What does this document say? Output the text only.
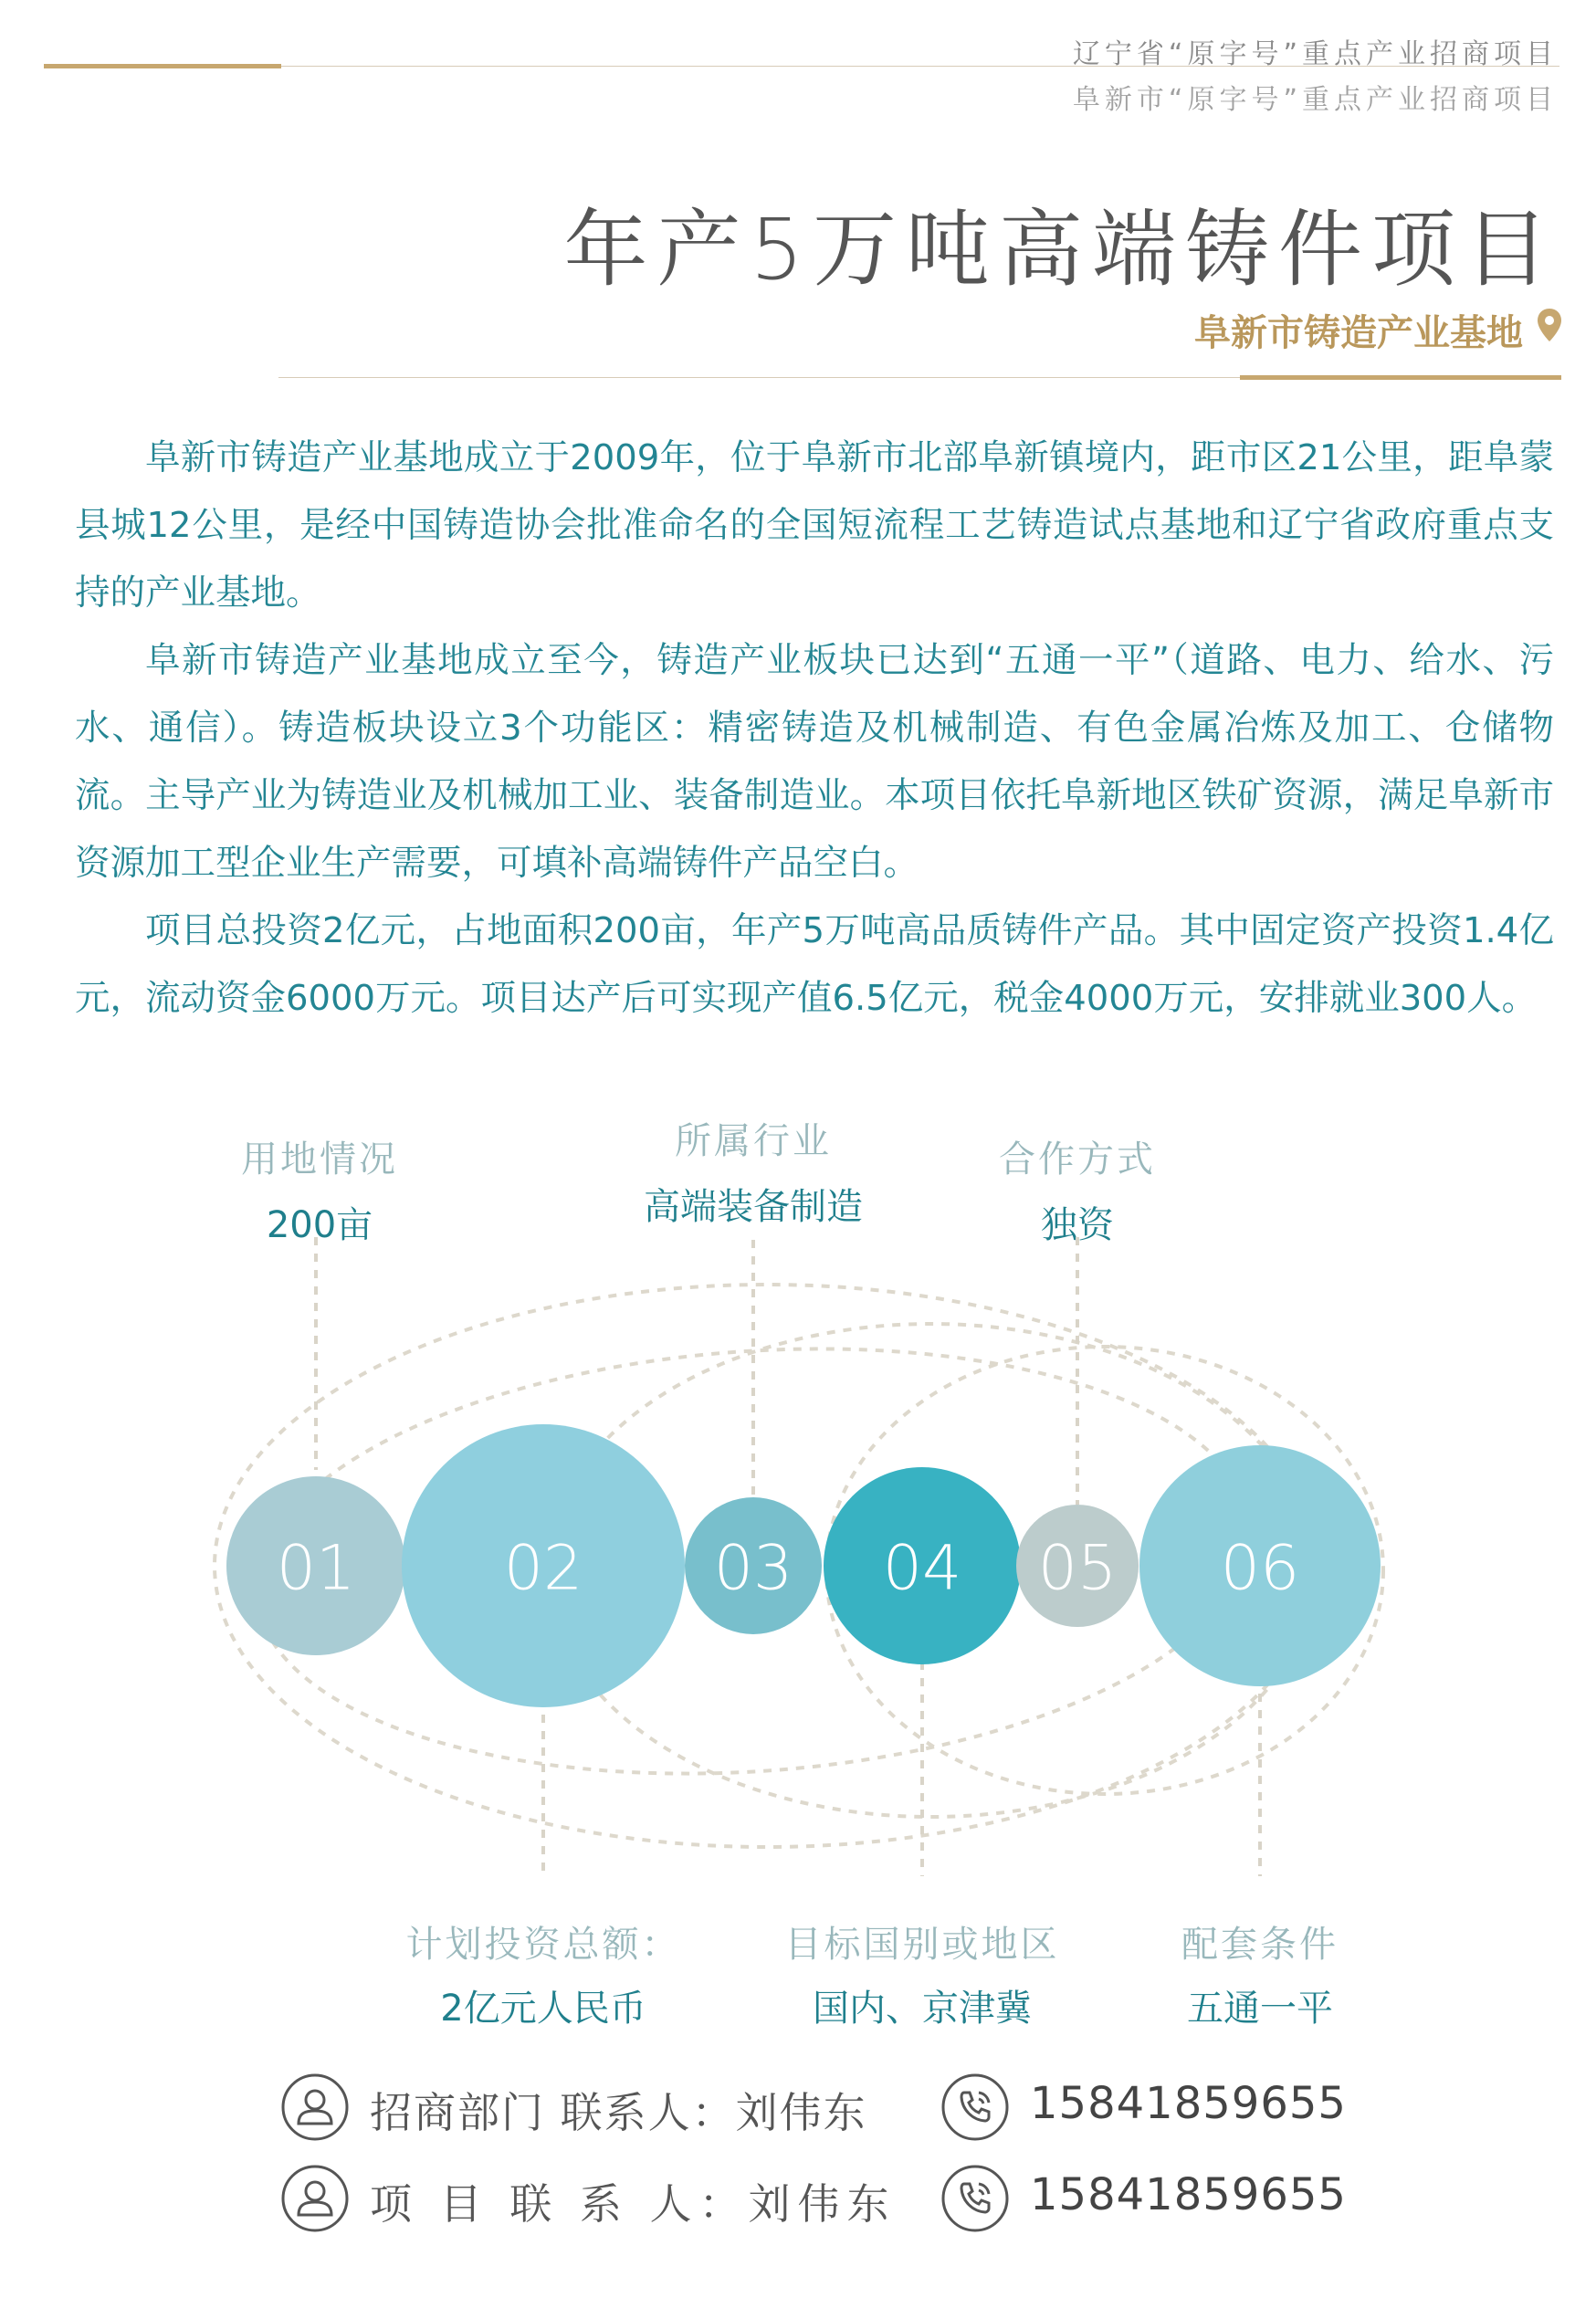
辽宁省“原字号”重点产业招商项目
阜新市“原字号”重点产业招商项目
年产5万吨高端铸件项目
阜新市铸造产业基地

阜新市铸造产业基地成立于2009年，位于阜新市北部阜新镇境内，距市区21公里，距阜蒙县城12公里，是经中国铸造协会批准命名的全国短流程工艺铸造试点基地和辽宁省政府重点支持的产业基地。

阜新市铸造产业基地成立至今，铸造产业板块已达到“五通一平”（道路、电力、给水、污水、通信）。铸造板块设立3个功能区：精密铸造及机械制造、有色金属冶炼及加工、仓储物流。主导产业为铸造业及机械加工业、装备制造业。本项目依托阜新地区铁矿资源，满足阜新市资源加工型企业生产需要，可填补高端铸件产品空白。

项目总投资2亿元，占地面积200亩，年产5万吨高品质铸件产品。其中固定资产投资1.4亿元，流动资金6000万元。项目达产后可实现产值6.5亿元，税金4000万元，安排就业300人。

用地情况
200亩
所属行业
高端装备制造
合作方式
独资
01 02 03 04 05 06
计划投资总额：
2亿元人民币
目标国别或地区
国内、京津冀
配套条件
五通一平
招商部门 联系人：刘伟东	15841859655
项 目 联 系 人：刘伟东	15841859655
